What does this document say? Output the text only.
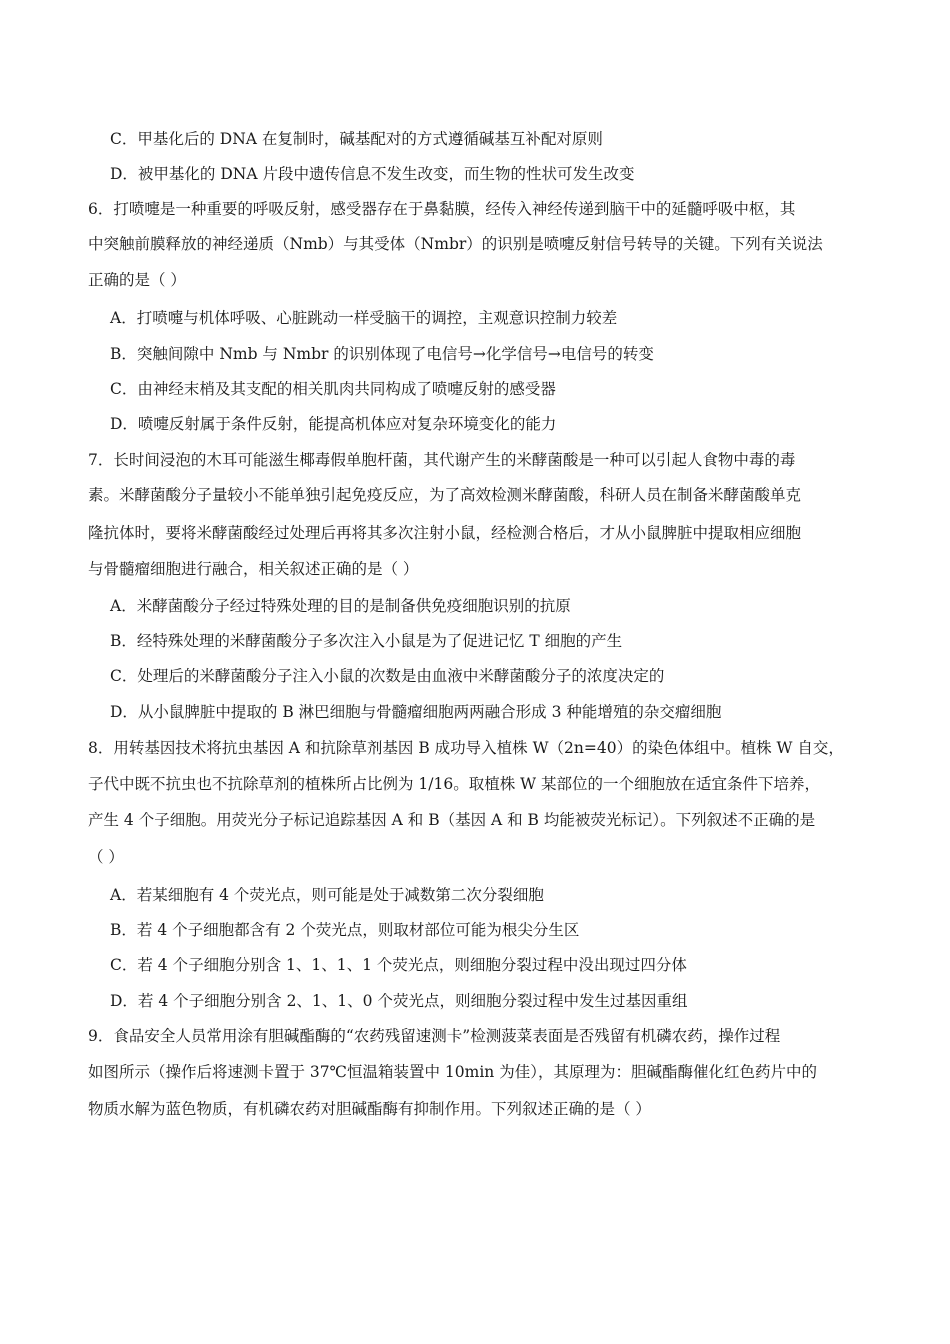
C．甲基化后的 DNA 在复制时，碱基配对的方式遵循碱基互补配对原则
D．被甲基化的 DNA 片段中遗传信息不发生改变，而生物的性状可发生改变
6．打喷嚏是一种重要的呼吸反射，感受器存在于鼻黏膜，经传入神经传递到脑干中的延髓呼吸中枢，其
中突触前膜释放的神经递质（Nmb）与其受体（Nmbr）的识别是喷嚏反射信号转导的关键。下列有关说法
正确的是（ ）
A．打喷嚏与机体呼吸、心脏跳动一样受脑干的调控，主观意识控制力较差
B．突触间隙中 Nmb 与 Nmbr 的识别体现了电信号→化学信号→电信号的转变
C．由神经末梢及其支配的相关肌肉共同构成了喷嚏反射的感受器
D．喷嚏反射属于条件反射，能提高机体应对复杂环境变化的能力
7．长时间浸泡的木耳可能滋生椰毒假单胞杆菌，其代谢产生的米酵菌酸是一种可以引起人食物中毒的毒
素。米酵菌酸分子量较小不能单独引起免疫反应，为了高效检测米酵菌酸，科研人员在制备米酵菌酸单克
隆抗体时，要将米酵菌酸经过处理后再将其多次注射小鼠，经检测合格后，才从小鼠脾脏中提取相应细胞
与骨髓瘤细胞进行融合，相关叙述正确的是（ ）
A．米酵菌酸分子经过特殊处理的目的是制备供免疫细胞识别的抗原
B．经特殊处理的米酵菌酸分子多次注入小鼠是为了促进记忆 T 细胞的产生
C．处理后的米酵菌酸分子注入小鼠的次数是由血液中米酵菌酸分子的浓度决定的
D．从小鼠脾脏中提取的 B 淋巴细胞与骨髓瘤细胞两两融合形成 3 种能增殖的杂交瘤细胞
8．用转基因技术将抗虫基因 A 和抗除草剂基因 B 成功导入植株 W（2n=40）的染色体组中。植株 W 自交，
子代中既不抗虫也不抗除草剂的植株所占比例为 1/16。取植株 W 某部位的一个细胞放在适宜条件下培养，
产生 4 个子细胞。用荧光分子标记追踪基因 A 和 B（基因 A 和 B 均能被荧光标记）。下列叙述不正确的是
（ ）
A．若某细胞有 4 个荧光点，则可能是处于减数第二次分裂细胞
B．若 4 个子细胞都含有 2 个荧光点，则取材部位可能为根尖分生区
C．若 4 个子细胞分别含 1、1、1、1 个荧光点，则细胞分裂过程中没出现过四分体
D．若 4 个子细胞分别含 2、1、1、0 个荧光点，则细胞分裂过程中发生过基因重组
9．食品安全人员常用涂有胆碱酯酶的“农药残留速测卡”检测菠菜表面是否残留有机磷农药，操作过程
如图所示（操作后将速测卡置于 37℃恒温箱装置中 10min 为佳），其原理为：胆碱酯酶催化红色药片中的
物质水解为蓝色物质，有机磷农药对胆碱酯酶有抑制作用。下列叙述正确的是（ ）
